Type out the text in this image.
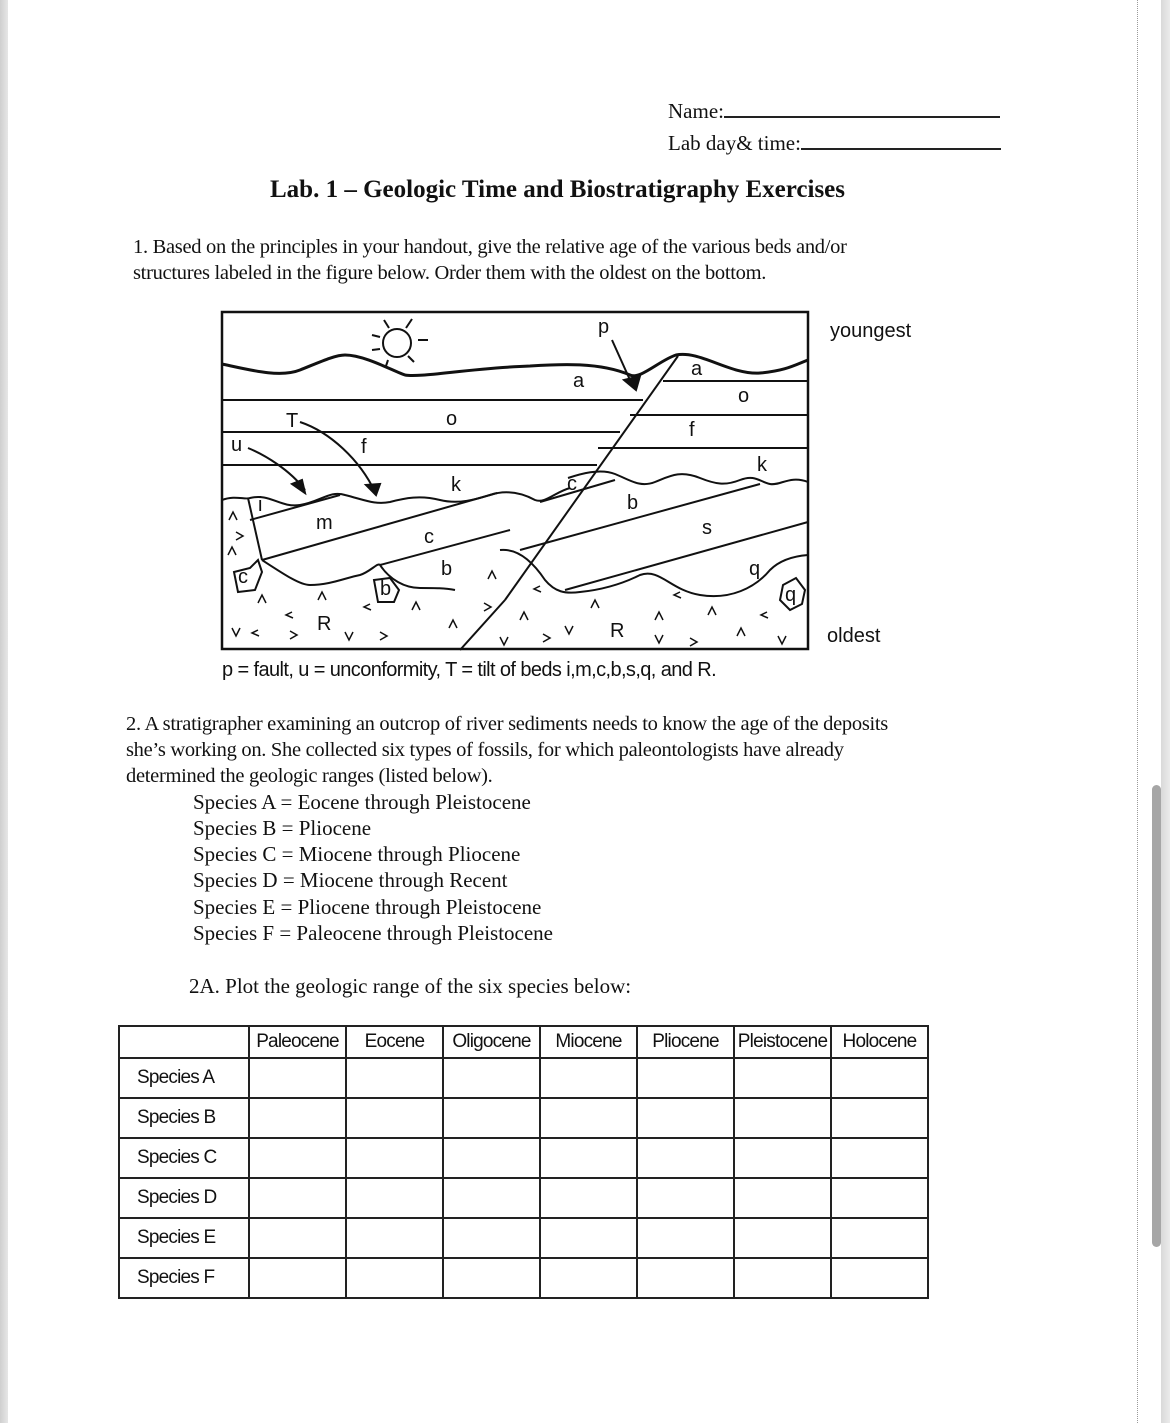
Name:
Lab day& time:
Lab. 1 – Geologic Time and Biostratigraphy Exercises
1. Based on the principles in your handout, give the relative age of the various beds and/or
structures labeled in the figure below. Order them with the oldest on the bottom.
p
a
a
o
o
T
u	f
f
k
k
i
m
c
c
c	b
b
b
s
q
q
R	R
youngest
oldest
p = fault, u = unconformity, T = tilt of beds i,m,c,b,s,q, and R.
2. A stratigrapher examining an outcrop of river sediments needs to know the age of the deposits
she’s working on. She collected six types of fossils, for which paleontologists have already
determined the geologic ranges (listed below).
Species A = Eocene through Pleistocene
Species B = Pliocene
Species C = Miocene through Pliocene
Species D = Miocene through Recent
Species E = Pliocene through Pleistocene
Species F = Paleocene through Pleistocene
2A. Plot the geologic range of the six species below:
	Paleocene	Eocene	Oligocene	Miocene	Pliocene	Pleistocene	Holocene
Species A							
Species B							
Species C							
Species D							
Species E							
Species F							
